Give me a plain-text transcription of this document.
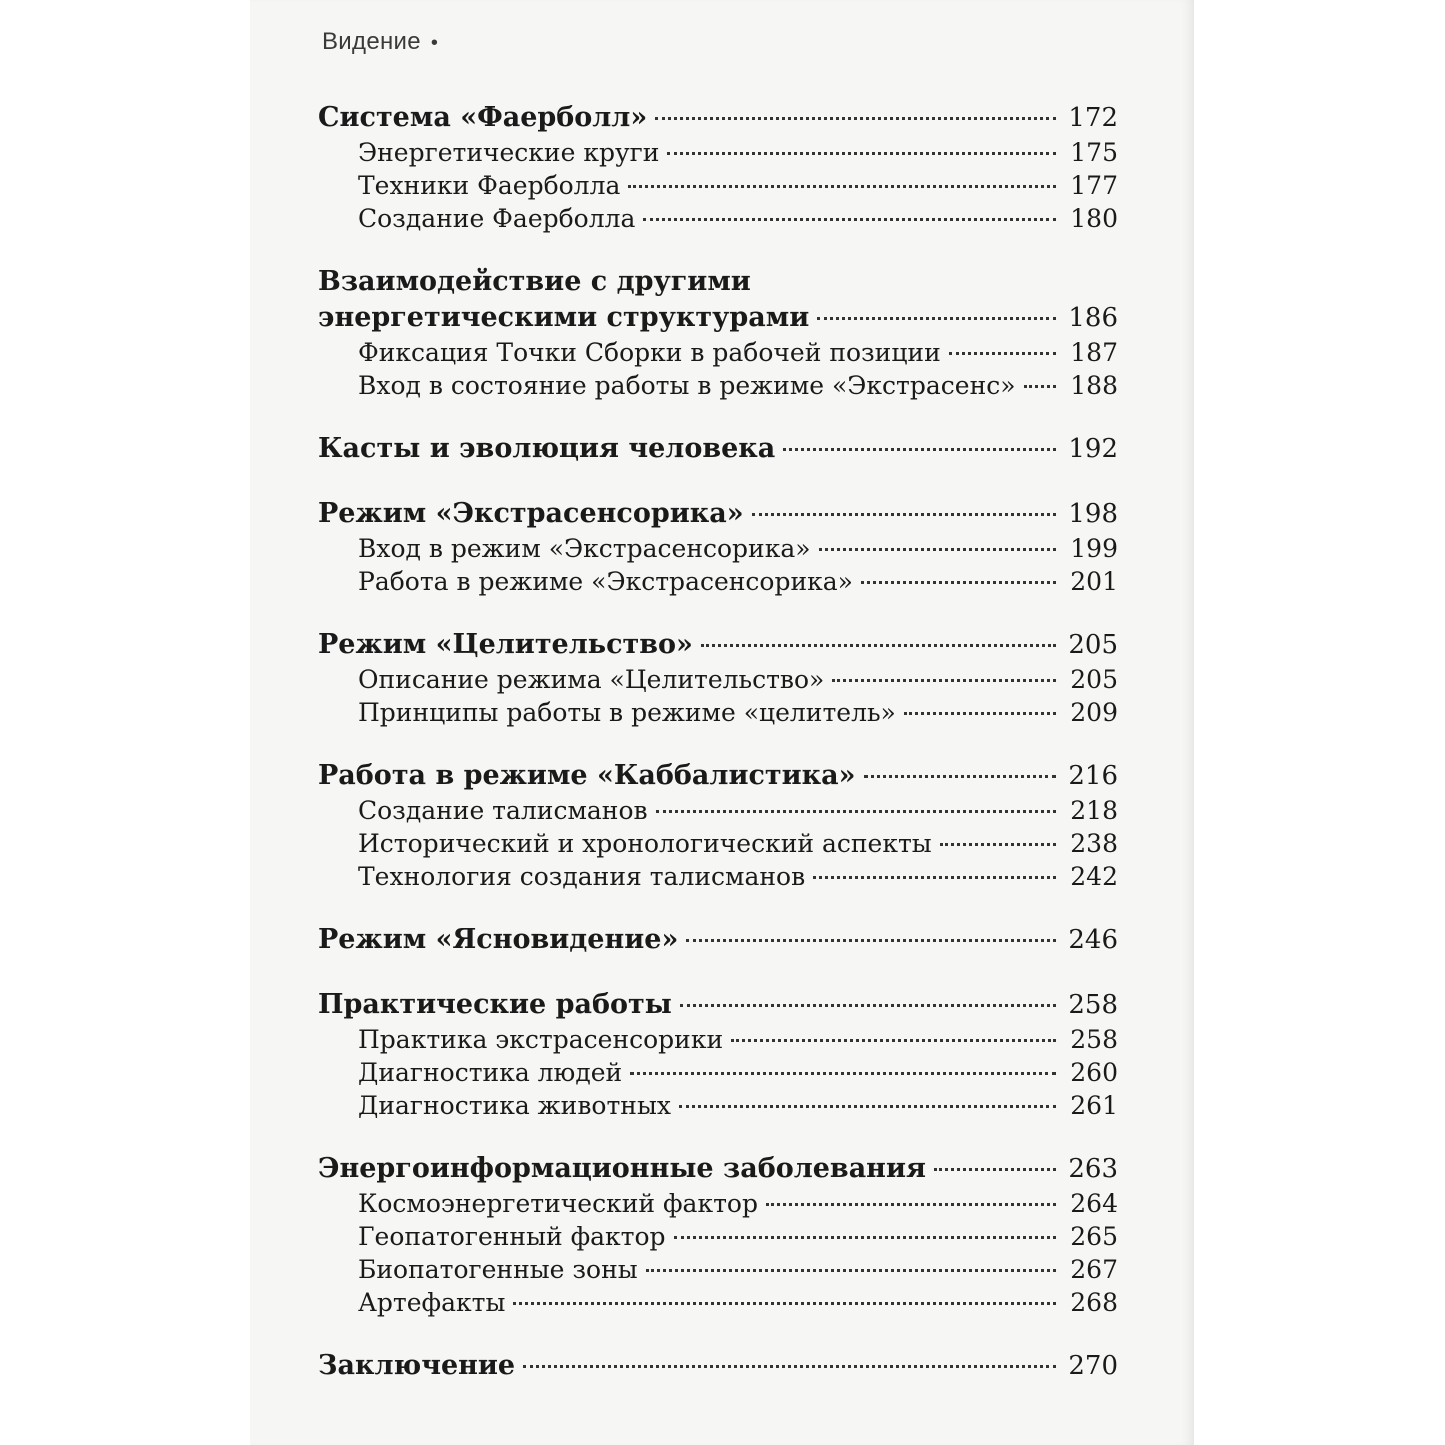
Видение •
Система «Фаерболл»	172
Энергетические круги	175
Техники Фаерболла	177
Создание Фаерболла	180
Взаимодействие с другими
энергетическими структурами	186
Фиксация Точки Сборки в рабочей позиции	187
Вход в состояние работы в режиме «Экстрасенс» 188
Касты и эволюция человека	192
Режим «Экстрасенсорика»	198
Вход в режим «Экстрасенсорика»	199
Работа в режиме «Экстрасенсорика»	201
Режим «Целительство»	205
Описание режима «Целительство»	205
Принципы работы в режиме «целитель»	209
Работа в режиме «Каббалистика»	216
Создание талисманов	218
Исторический и хронологический аспекты	238
Технология создания талисманов	242
Режим «Ясновидение»	246
Практические работы	258
Практика экстрасенсорики	258
Диагностика людей	260
Диагностика животных	261
Энергоинформационные заболевания	263
Космоэнергетический фактор	264
Геопатогенный фактор	265
Биопатогенные зоны	267
Артефакты	268
Заключение	270
